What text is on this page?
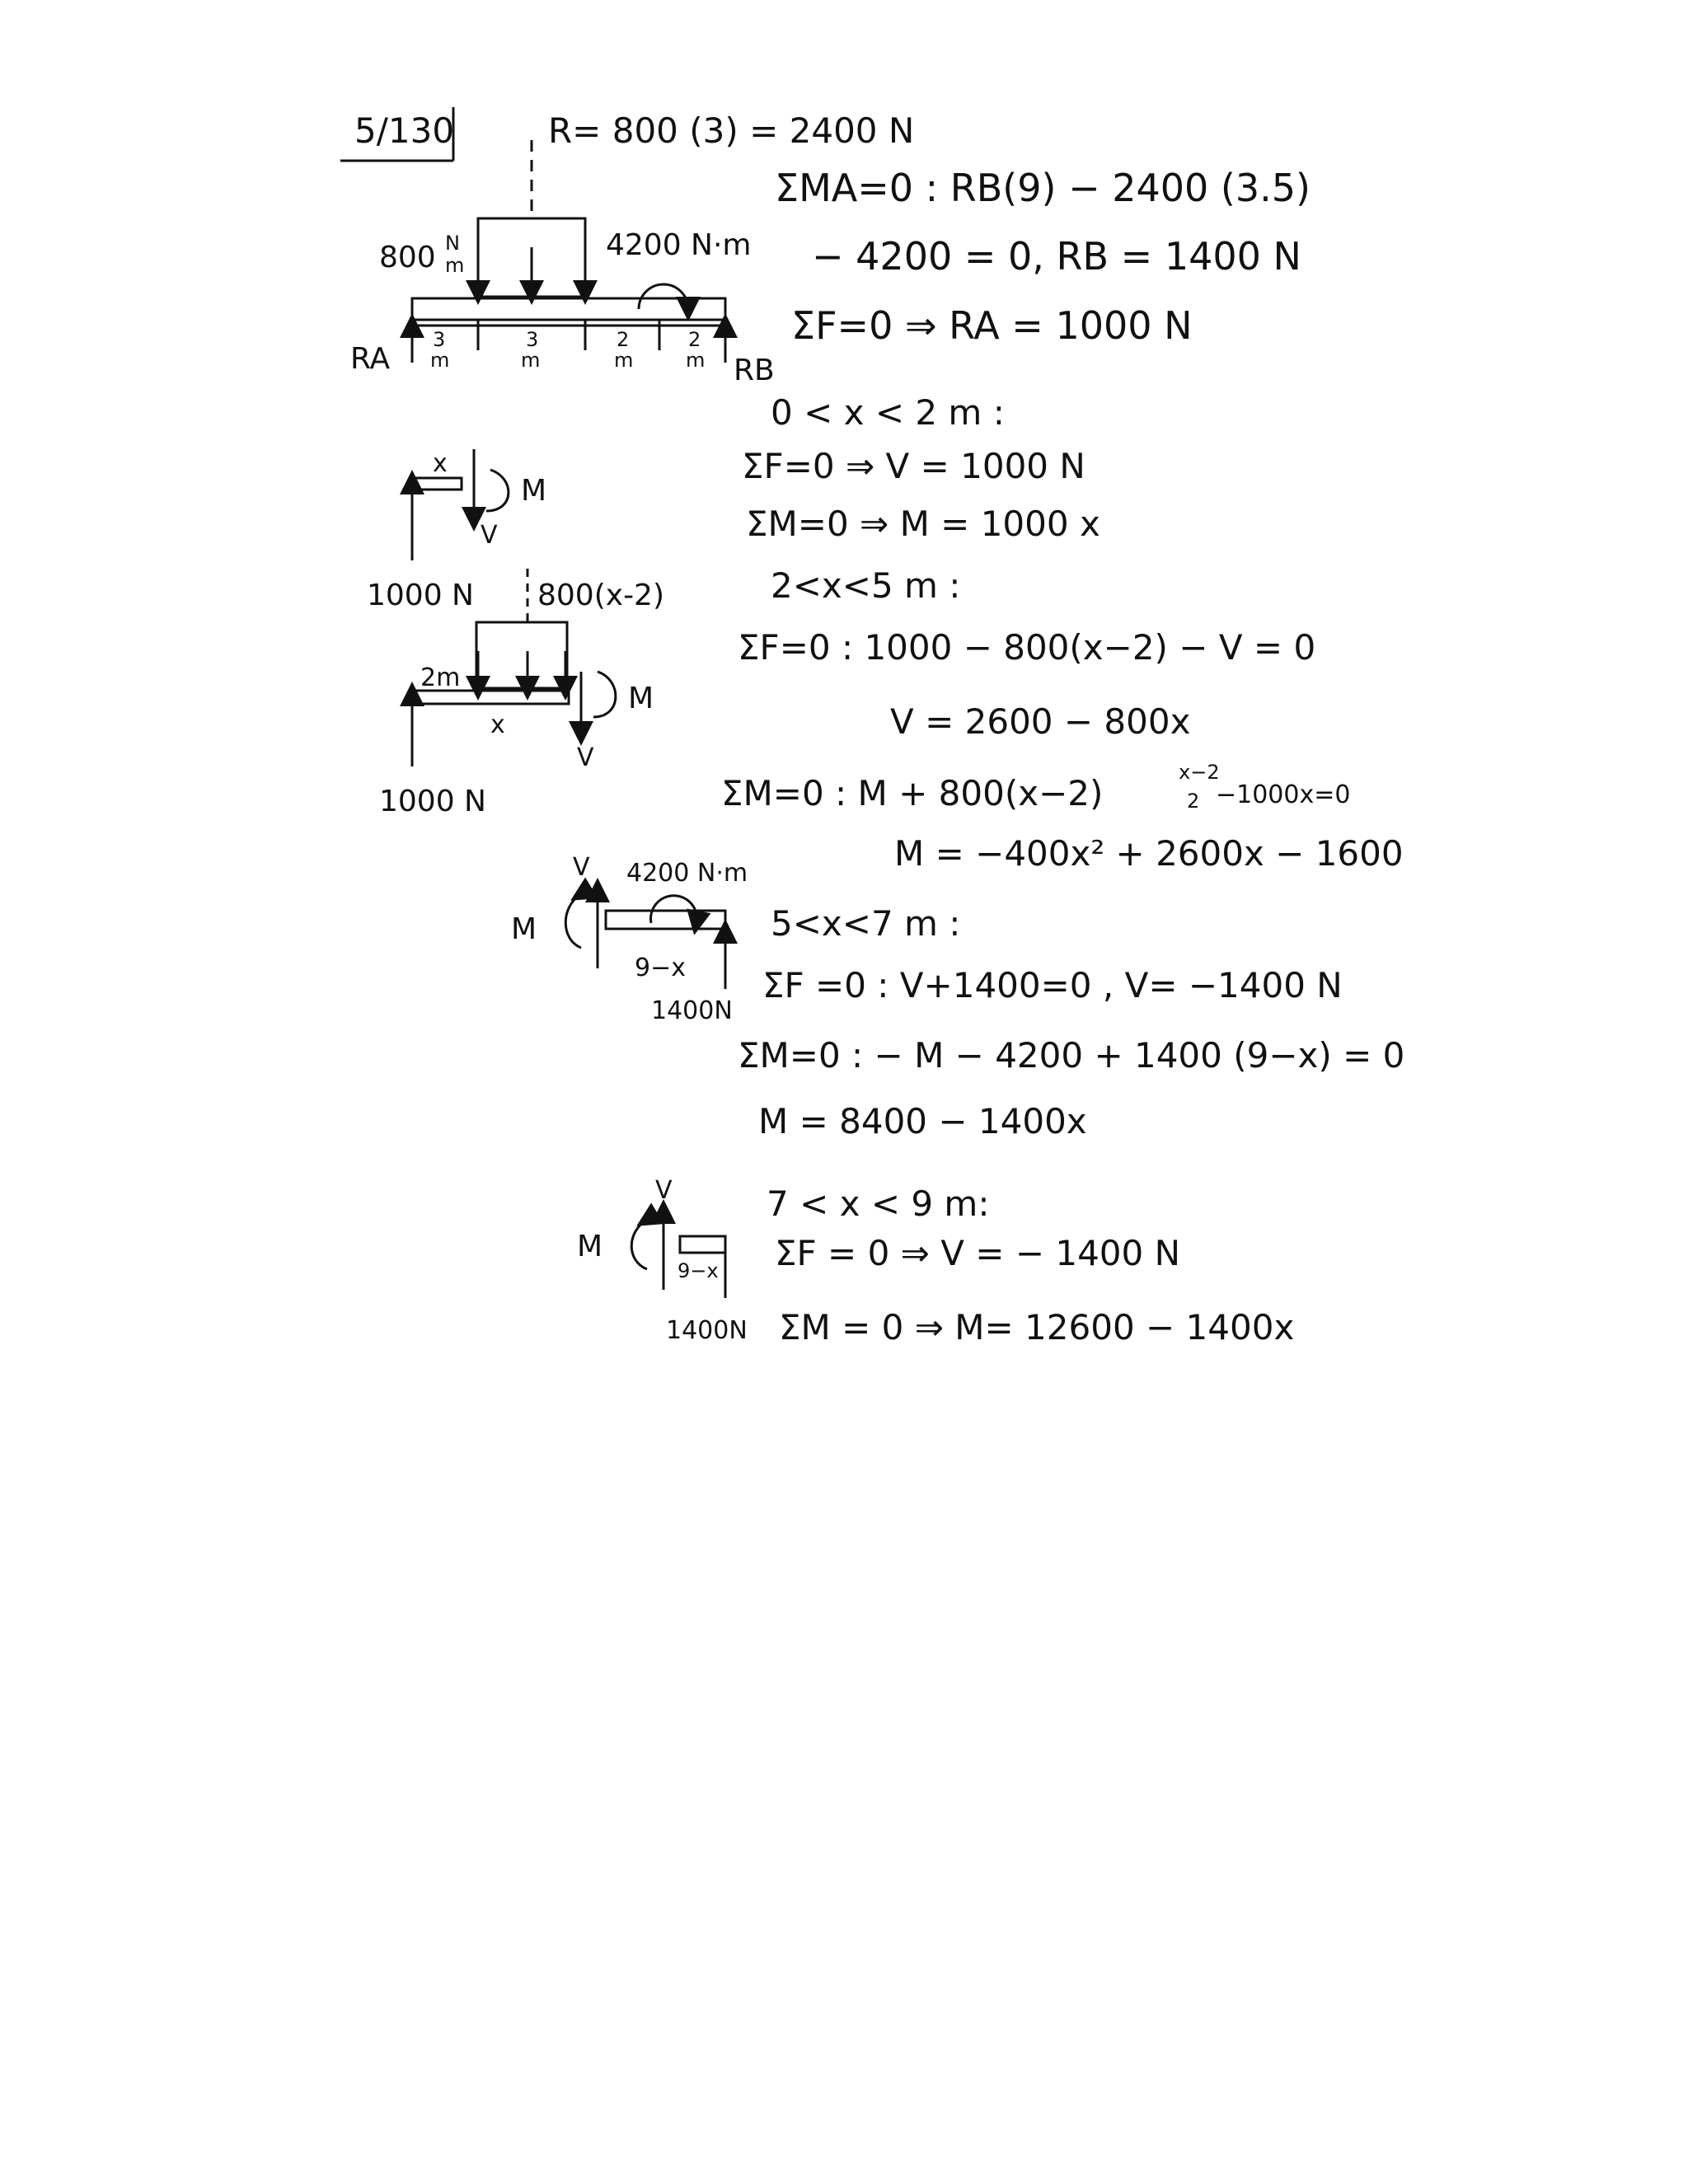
5/130	R= 800 (3) = 2400 N
800 N
m
4200 N·m
RA	RB
3
m
3
m
2
m
2
m
ΣMA=0 : RB(9) − 2400 (3.5)
− 4200 = 0, RB = 1400 N
ΣF=0 ⇒ RA = 1000 N
0 < x < 2 m :
ΣF=0 ⇒ V = 1000 N
ΣM=0 ⇒ M = 1000 x
x
M
V
1000 N	2<x<5 m :
ΣF=0 : 1000 − 800(x−2) − V = 0
V = 2600 − 800x
ΣM=0 : M + 800(x−2)
x−2
2 −1000x=0
M = −400x² + 2600x − 1600
800(x-2)
2m
x
M
V
1000 N
5<x<7 m :
ΣF =0 : V+1400=0 , V= −1400 N
ΣM=0 : − M − 4200 + 1400 (9−x) = 0
M = 8400 − 1400x
V 4200 N·m
M
9−x
1400N
7 < x < 9 m:
ΣF = 0 ⇒ V = − 1400 N
ΣM = 0 ⇒ M= 12600 − 1400x
V
M
9−x
1400N
